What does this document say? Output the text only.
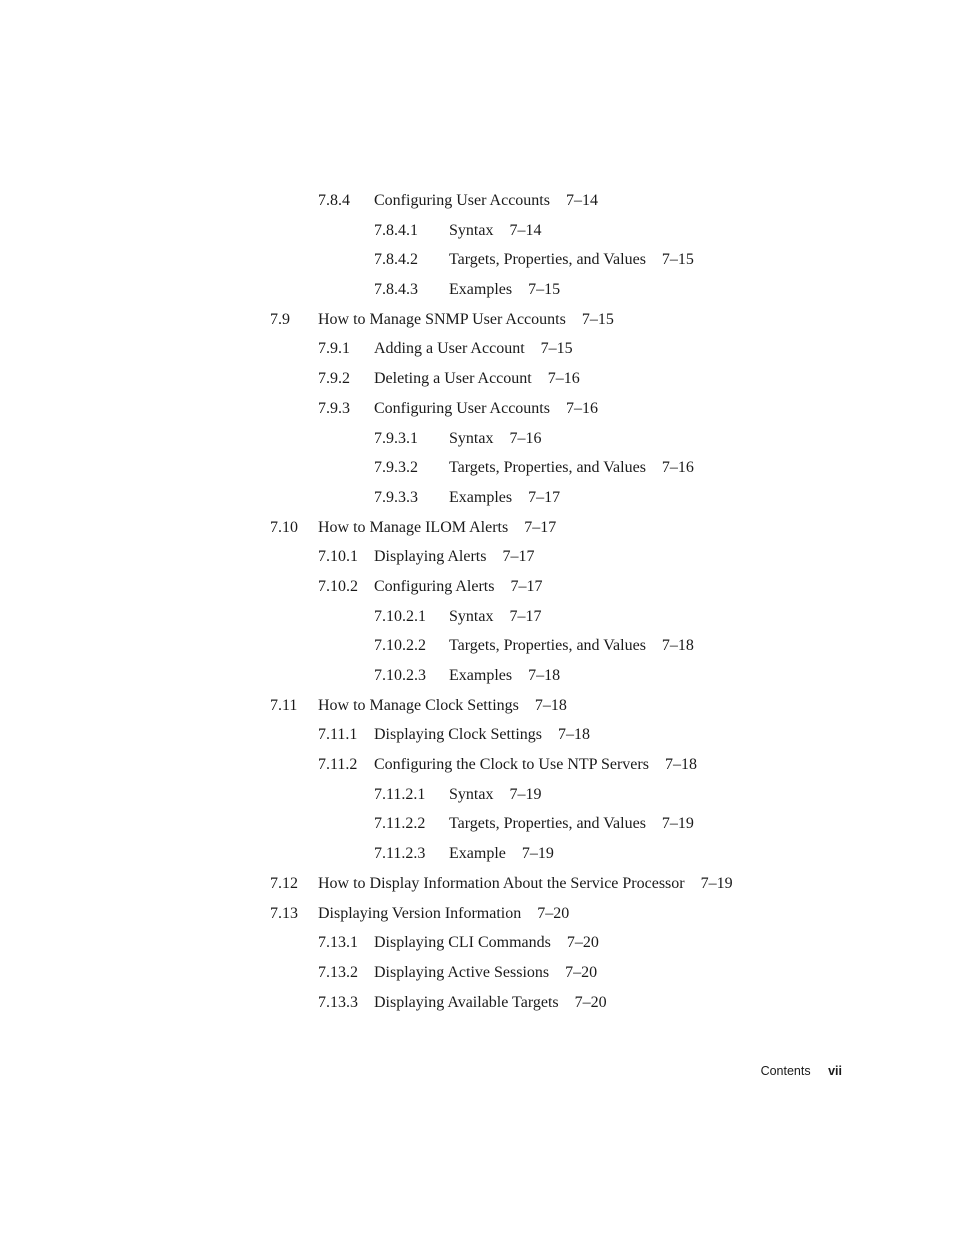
7.8.4 Configuring User Accounts 7–14
7.8.4.1 Syntax 7–14
7.8.4.2 Targets, Properties, and Values 7–15
7.8.4.3 Examples 7–15
7.9 How to Manage SNMP User Accounts 7–15
7.9.1 Adding a User Account 7–15
7.9.2 Deleting a User Account 7–16
7.9.3 Configuring User Accounts 7–16
7.9.3.1 Syntax 7–16
7.9.3.2 Targets, Properties, and Values 7–16
7.9.3.3 Examples 7–17
7.10 How to Manage ILOM Alerts 7–17
7.10.1 Displaying Alerts 7–17
7.10.2 Configuring Alerts 7–17
7.10.2.1 Syntax 7–17
7.10.2.2 Targets, Properties, and Values 7–18
7.10.2.3 Examples 7–18
7.11 How to Manage Clock Settings 7–18
7.11.1 Displaying Clock Settings 7–18
7.11.2 Configuring the Clock to Use NTP Servers 7–18
7.11.2.1 Syntax 7–19
7.11.2.2 Targets, Properties, and Values 7–19
7.11.2.3 Example 7–19
7.12 How to Display Information About the Service Processor 7–19
7.13 Displaying Version Information 7–20
7.13.1 Displaying CLI Commands 7–20
7.13.2 Displaying Active Sessions 7–20
7.13.3 Displaying Available Targets 7–20
Contents vii
